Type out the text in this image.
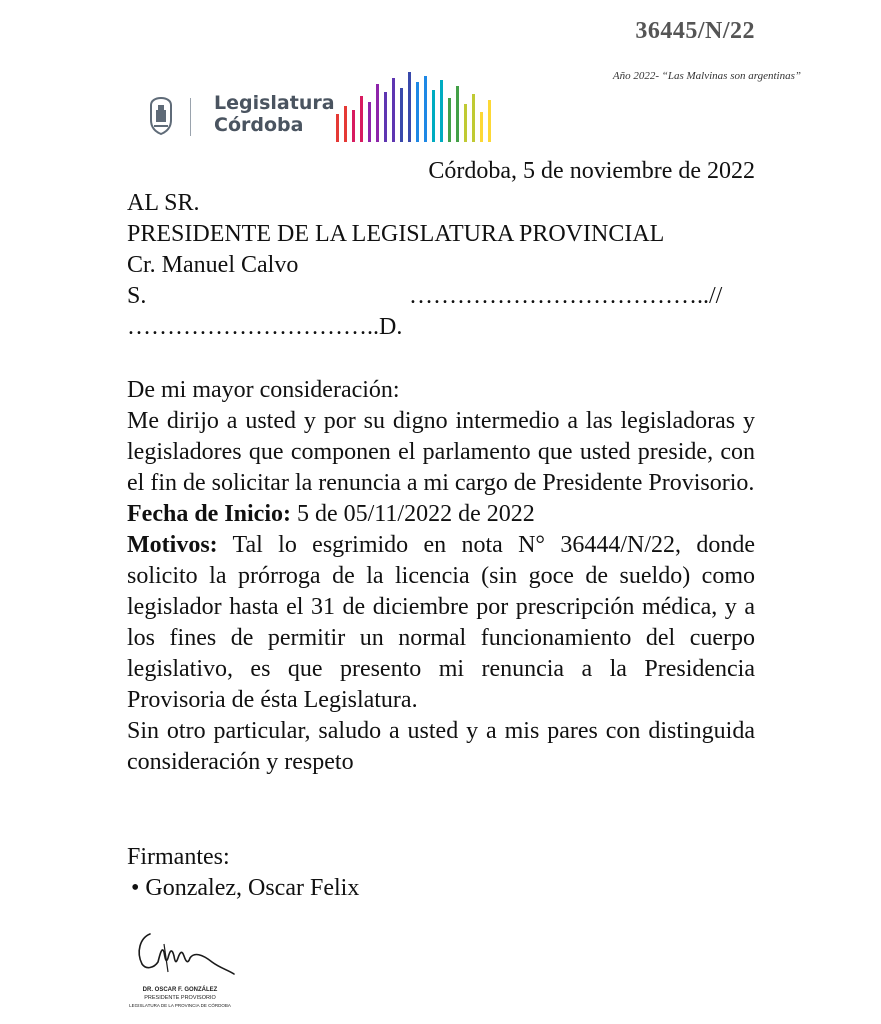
36445/N/22
Año 2022- “Las Malvinas son argentinas”
Legislatura
Córdoba
Córdoba, 5 de noviembre de 2022
AL SR.
PRESIDENTE DE LA LEGISLATURA PROVINCIAL
Cr. Manuel Calvo
S.	………………………………..//
…………………………..D.
De mi mayor consideración:
Me dirijo a usted y por su digno intermedio a las legisladoras y legisladores que componen el parlamento que usted preside, con el fin de solicitar la renuncia a mi cargo de Presidente Provisorio.
Fecha de Inicio: 5 de 05/11/2022 de 2022
Motivos: Tal lo esgrimido en nota N° 36444/N/22, donde solicito la prórroga de la licencia (sin goce de sueldo) como legislador hasta el 31 de diciembre por prescripción médica, y a los fines de permitir un normal funcionamiento del cuerpo legislativo, es que presento mi renuncia a la Presidencia Provisoria de ésta Legislatura.
Sin otro particular, saludo a usted y a mis pares con distinguida consideración y respeto
Firmantes:
• Gonzalez, Oscar Felix
DR. OSCAR F. GONZÁLEZ
PRESIDENTE PROVISORIO
LEGISLATURA DE LA PROVINCIA DE CÓRDOBA
